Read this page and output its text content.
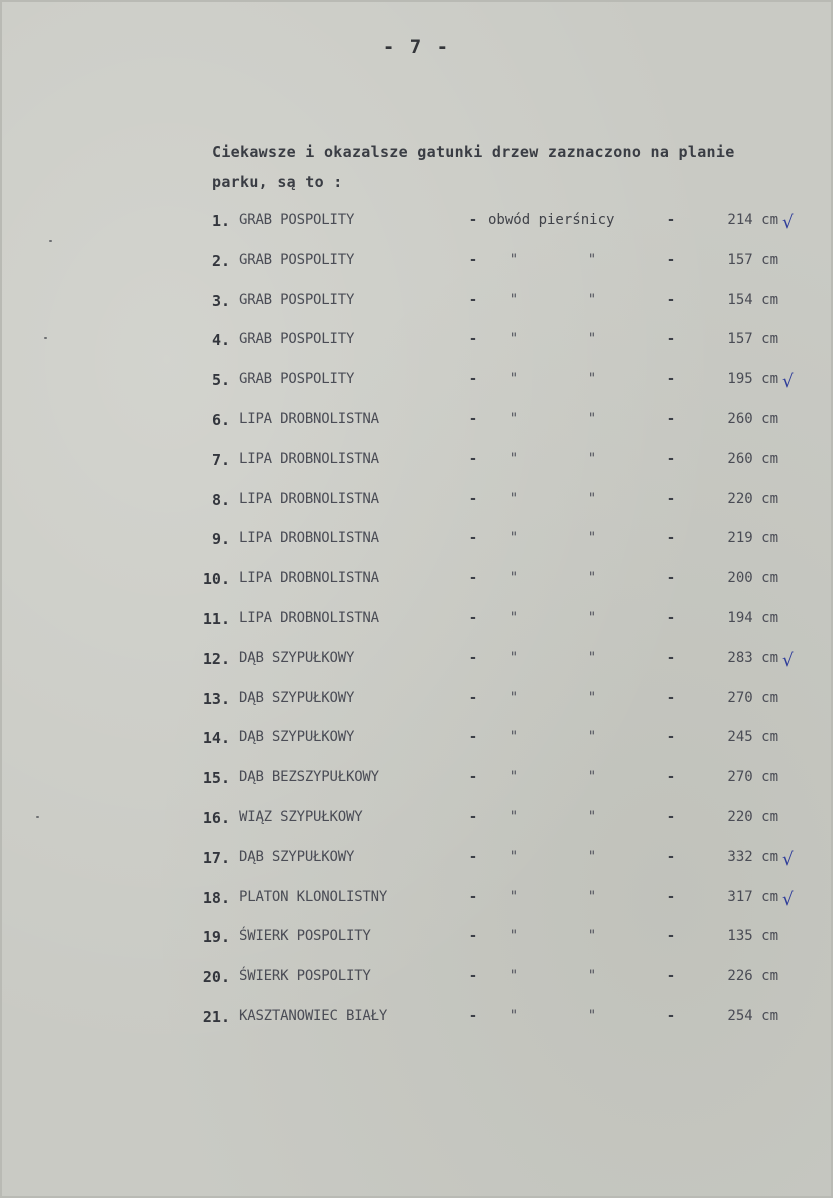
- 7 -
Ciekawsze i okazalsze gatunki drzew zaznaczono na planie
parku, są to :
1. GRAB POSPOLITY	- obwód pierśnicy	-	214 cm √
2. GRAB POSPOLITY	- "	"	-	157 cm
3. GRAB POSPOLITY	- "	"	-	154 cm
4. GRAB POSPOLITY	- "	"	-	157 cm
5. GRAB POSPOLITY	- "	"	-	195 cm √
6. LIPA DROBNOLISTNA	- "	"	-	260 cm
7. LIPA DROBNOLISTNA	- "	"	-	260 cm
8. LIPA DROBNOLISTNA	- "	"	-	220 cm
9. LIPA DROBNOLISTNA	- "	"	-	219 cm
10. LIPA DROBNOLISTNA	- "	"	-	200 cm
11. LIPA DROBNOLISTNA	- "	"	-	194 cm
12. DĄB SZYPUŁKOWY	- "	"	-	283 cm √
13. DĄB SZYPUŁKOWY	- "	"	-	270 cm
14. DĄB SZYPUŁKOWY	- "	"	-	245 cm
15. DĄB BEZSZYPUŁKOWY	- "	"	-	270 cm
16. WIĄZ SZYPUŁKOWY	- "	"	-	220 cm
17. DĄB SZYPUŁKOWY	- "	"	-	332 cm √
18. PLATON KLONOLISTNY	- "	"	-	317 cm √
19. ŚWIERK POSPOLITY	- "	"	-	135 cm
20. ŚWIERK POSPOLITY	- "	"	-	226 cm
21. KASZTANOWIEC BIAŁY	- "	"	-	254 cm
